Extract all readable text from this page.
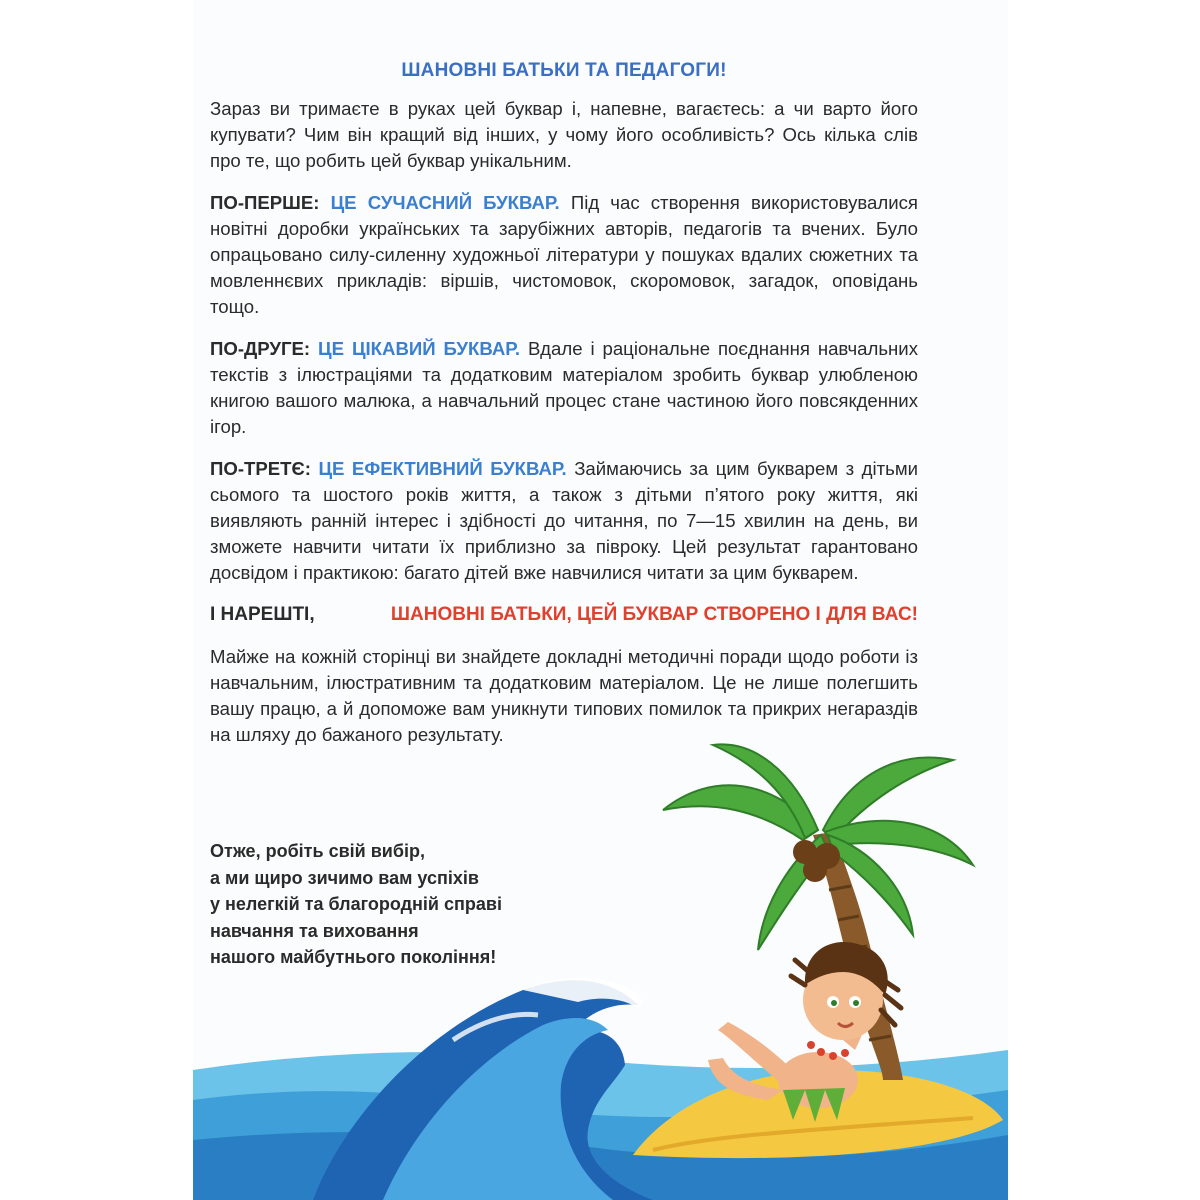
ШАНОВНІ БАТЬКИ ТА ПЕДАГОГИ!

Зараз ви тримаєте в руках цей буквар і, напевне, вагаєтесь: а чи варто його купувати? Чим він кращий від інших, у чому його особливість? Ось кілька слів про те, що робить цей буквар унікальним.

ПО-ПЕРШЕ: ЦЕ СУЧАСНИЙ БУКВАР. Під час створення використовувалися новітні доробки українських та зарубіжних авторів, педагогів та вчених. Було опрацьовано силу-силенну художньої літератури у пошуках вдалих сюжетних та мовленнєвих прикладів: віршів, чистомовок, скоромовок, загадок, оповідань тощо.

ПО-ДРУГЕ: ЦЕ ЦІКАВИЙ БУКВАР. Вдале і раціональне поєднання навчальних текстів з ілюстраціями та додатковим матеріалом зробить буквар улюбленою книгою вашого малюка, а навчальний процес стане частиною його повсякденних ігор.

ПО-ТРЕТЄ: ЦЕ ЕФЕКТИВНИЙ БУКВАР. Займаючись за цим букварем з дітьми сьомого та шостого років життя, а також з дітьми п’ятого року життя, які виявляють ранній інтерес і здібності до читання, по 7—15 хвилин на день, ви зможете навчити читати їх приблизно за півроку. Цей результат гарантовано досвідом і практикою: багато дітей вже навчилися читати за цим букварем.

І НАРЕШТІ,	ШАНОВНІ БАТЬКИ, ЦЕЙ БУКВАР СТВОРЕНО І ДЛЯ ВАС!

Майже на кожній сторінці ви знайдете докладні методичні поради щодо роботи із навчальним, ілюстративним та додатковим матеріалом. Це не лише полегшить вашу працю, а й допоможе вам уникнути типових помилок та прикрих негараздів на шляху до бажаного результату.

Отже, робіть свій вибір,
а ми щиро зичимо вам успіхів
у нелегкій та благородній справі
навчання та виховання
нашого майбутнього покоління!
